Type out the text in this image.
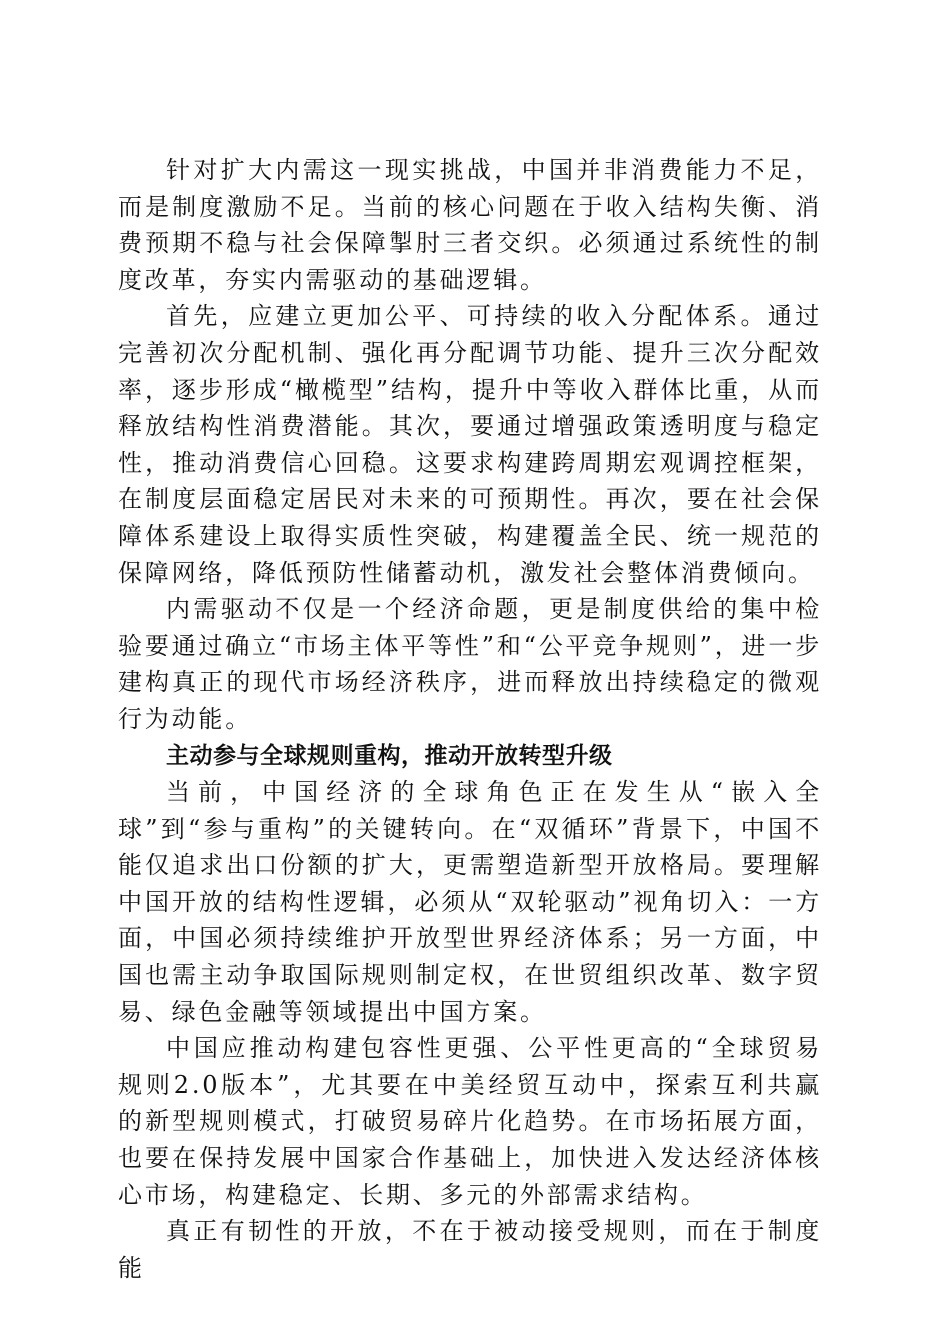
针对扩大内需这一现实挑战，中国并非消费能力不足，而是制度激励不足。当前的核心问题在于收入结构失衡、消费预期不稳与社会保障掣肘三者交织。必须通过系统性的制度改革，夯实内需驱动的基础逻辑。

首先，应建立更加公平、可持续的收入分配体系。通过完善初次分配机制、强化再分配调节功能、提升三次分配效率，逐步形成“橄榄型”结构，提升中等收入群体比重，从而释放结构性消费潜能。其次，要通过增强政策透明度与稳定性，推动消费信心回稳。这要求构建跨周期宏观调控框架，在制度层面稳定居民对未来的可预期性。再次，要在社会保障体系建设上取得实质性突破，构建覆盖全民、统一规范的保障网络，降低预防性储蓄动机，激发社会整体消费倾向。

内需驱动不仅是一个经济命题，更是制度供给的集中检验要通过确立“市场主体平等性”和“公平竞争规则”，进一步建构真正的现代市场经济秩序，进而释放出持续稳定的微观行为动能。

主动参与全球规则重构，推动开放转型升级

当前，中国经济的全球角色正在发生从“嵌入全球”到“参与重构”的关键转向。在“双循环”背景下，中国不能仅追求出口份额的扩大，更需塑造新型开放格局。要理解中国开放的结构性逻辑，必须从“双轮驱动”视角切入：一方面，中国必须持续维护开放型世界经济体系；另一方面，中国也需主动争取国际规则制定权，在世贸组织改革、数字贸易、绿色金融等领域提出中国方案。

中国应推动构建包容性更强、公平性更高的“全球贸易规则2.0版本”，尤其要在中美经贸互动中，探索互利共赢的新型规则模式，打破贸易碎片化趋势。在市场拓展方面，也要在保持发展中国家合作基础上，加快进入发达经济体核心市场，构建稳定、长期、多元的外部需求结构。

真正有韧性的开放，不在于被动接受规则，而在于制度能
